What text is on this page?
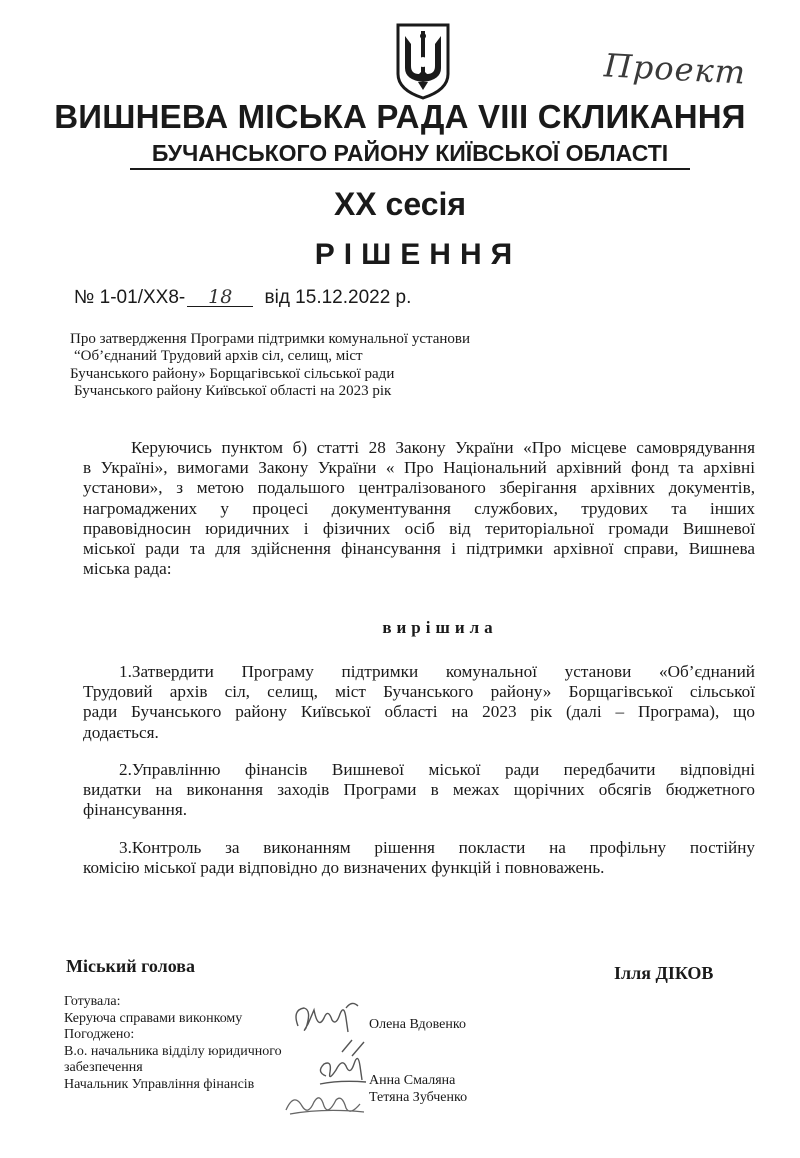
Проект
ВИШНЕВА МІСЬКА РАДА VIII СКЛИКАННЯ
БУЧАНСЬКОГО РАЙОНУ КИЇВСЬКОЇ ОБЛАСТІ
XX сесія
РІШЕННЯ
№ 1-01/XX8- 18 від 15.12.2022 р.
Про затвердження Програми підтримки комунальної установи
“Об’єднаний Трудовий архів сіл, селищ, міст
Бучанського району» Борщагівської сільської ради
Бучанського району Київської області на 2023 рік
Керуючись пунктом б) статті 28 Закону України «Про місцеве самоврядування
в Україні», вимогами Закону України « Про Національний архівний фонд та архівні
установи», з метою подальшого централізованого зберігання архівних документів,
нагромаджених у процесі документування службових, трудових та інших
правовідносин юридичних і фізичних осіб від територіальної громади Вишневої
міської ради та для здійснення фінансування і підтримки архівної справи, Вишнева
міська рада:
вирішила
1.Затвердити Програму підтримки комунальної установи «Об’єднаний
Трудовий архів сіл, селищ, міст Бучанського району» Борщагівської сільської
ради Бучанського району Київської області на 2023 рік (далі – Програма), що
додається.
2.Управлінню фінансів Вишневої міської ради передбачити відповідні
видатки на виконання заходів Програми в межах щорічних обсягів бюджетного
фінансування.
3.Контроль за виконанням рішення покласти на профільну постійну
комісію міської ради відповідно до визначених функцій і повноважень.
Міський голова	Ілля ДІКОВ
Готувала:
Керуюча справами виконкому
Погоджено:
В.о. начальника відділу юридичного
забезпечення
Начальник Управління фінансів
Олена Вдовенко
Анна Смаляна
Тетяна Зубченко
